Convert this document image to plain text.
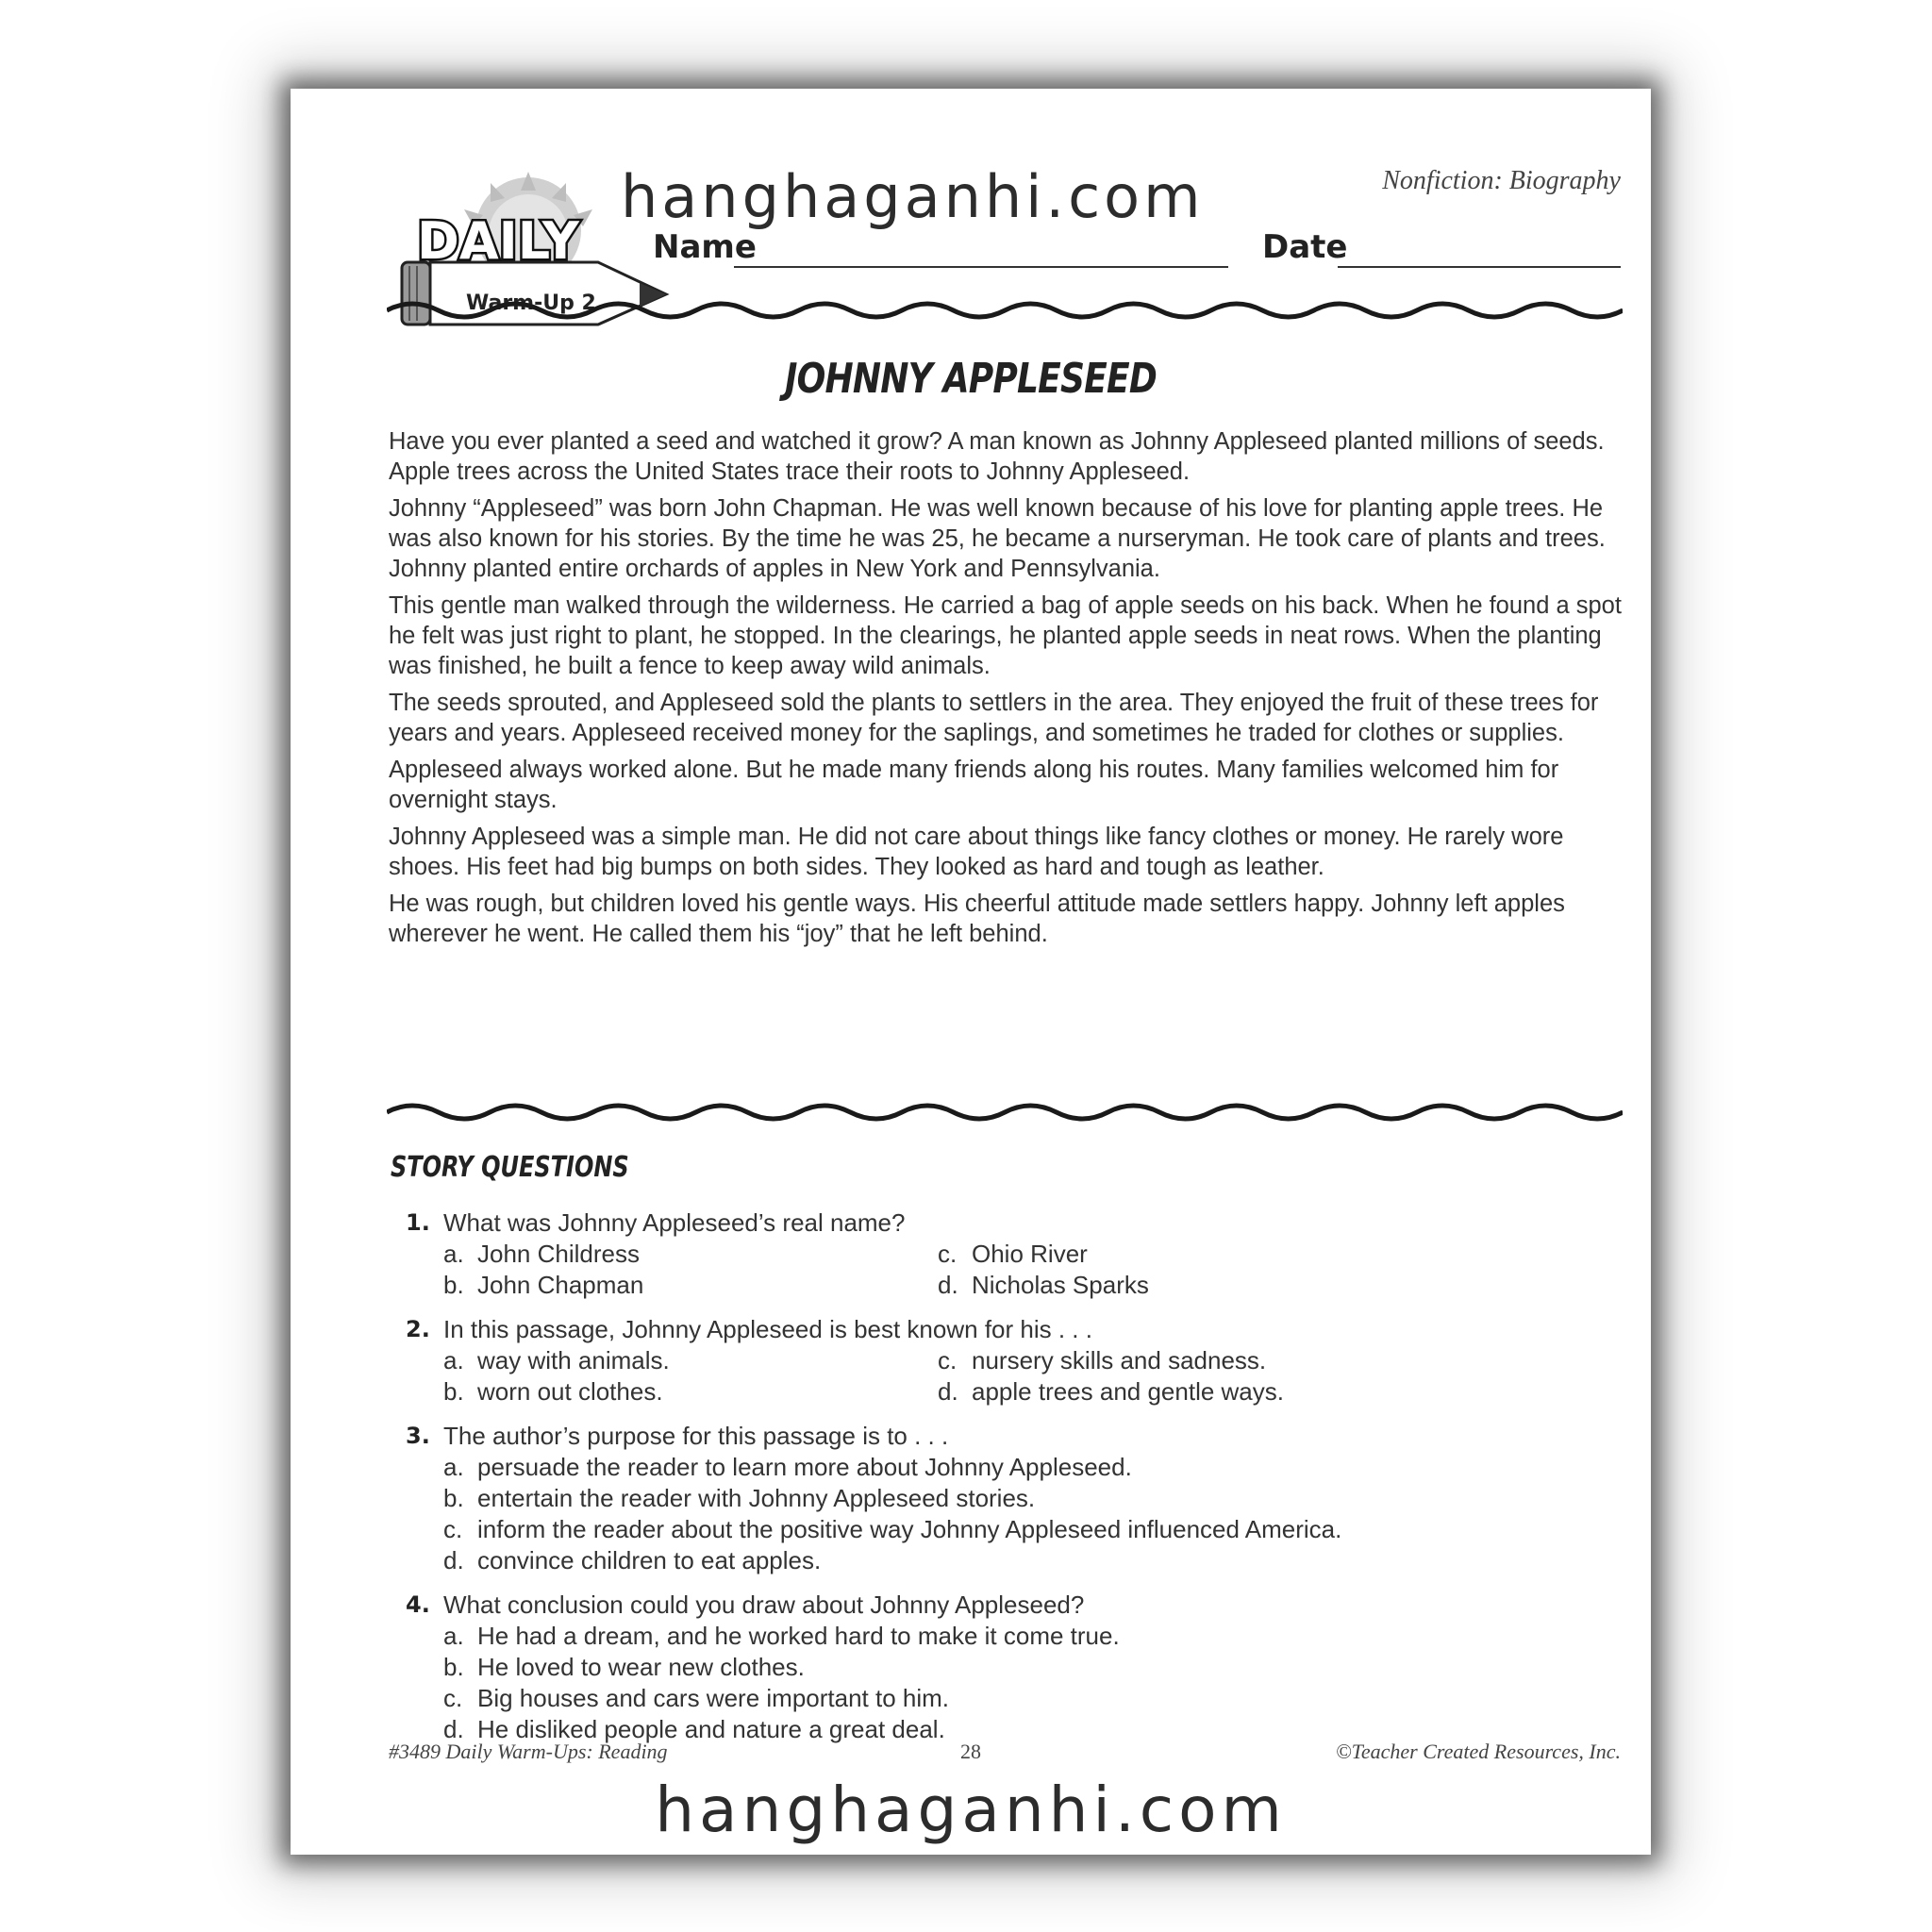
Nonfiction: Biography
DAILY
Warm-Up 2
hanghaganhi.com
Name	Date
JOHNNY APPLESEED

Have you ever planted a seed and watched it grow? A man known as Johnny Appleseed planted millions of seeds. Apple trees across the United States trace their roots to Johnny Appleseed.

Johnny “Appleseed” was born John Chapman. He was well known because of his love for planting apple trees. He was also known for his stories. By the time he was 25, he became a nurseryman. He took care of plants and trees. Johnny planted entire orchards of apples in New York and Pennsylvania.

This gentle man walked through the wilderness. He carried a bag of apple seeds on his back. When he found a spot he felt was just right to plant, he stopped. In the clearings, he planted apple seeds in neat rows. When the planting was finished, he built a fence to keep away wild animals.

The seeds sprouted, and Appleseed sold the plants to settlers in the area. They enjoyed the fruit of these trees for years and years. Appleseed received money for the saplings, and sometimes he traded for clothes or supplies.

Appleseed always worked alone. But he made many friends along his routes. Many families welcomed him for overnight stays.

Johnny Appleseed was a simple man. He did not care about things like fancy clothes or money. He rarely wore shoes. His feet had big bumps on both sides. They looked as hard and tough as leather.

He was rough, but children loved his gentle ways. His cheerful attitude made settlers happy. Johnny left apples wherever he went. He called them his “joy” that he left behind.

STORY QUESTIONS
1. What was Johnny Appleseed’s real name?
a. John Childress	c. Ohio River
b. John Chapman	d. Nicholas Sparks
2. In this passage, Johnny Appleseed is best known for his . . .
a. way with animals.	c. nursery skills and sadness.
b. worn out clothes.	d. apple trees and gentle ways.
3. The author’s purpose for this passage is to . . .
a. persuade the reader to learn more about Johnny Appleseed.
b. entertain the reader with Johnny Appleseed stories.
c. inform the reader about the positive way Johnny Appleseed influenced America.
d. convince children to eat apples.
4. What conclusion could you draw about Johnny Appleseed?
a. He had a dream, and he worked hard to make it come true.
b. He loved to wear new clothes.
c. Big houses and cars were important to him.
d. He disliked people and nature a great deal.
#3489 Daily Warm-Ups: Reading	28	©Teacher Created Resources, Inc.
hanghaganhi.com
